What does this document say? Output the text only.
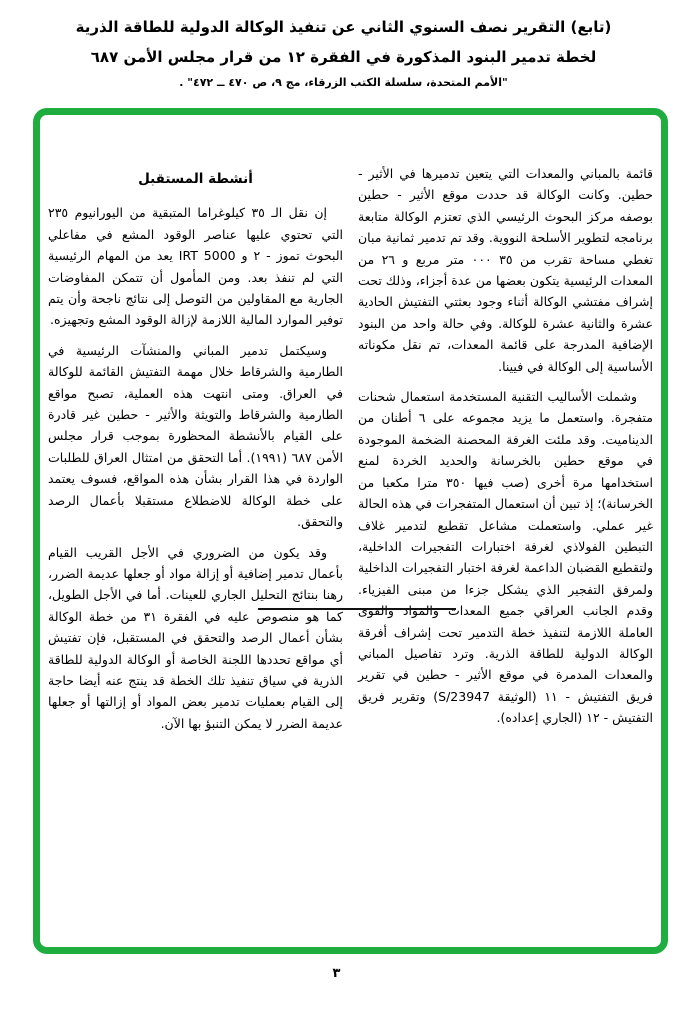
(تابع) التقرير نصف السنوي الثاني عن تنفيذ الوكالة الدولية للطاقة الذرية
لخطة تدمير البنود المذكورة في الفقرة ١٢ من قرار مجلس الأمن ٦٨٧
"الأمم المتحدة، سلسلة الكتب الزرقاء، مج ٩، ص ٤٧٠ ــ ٤٧٢" .

قائمة بالمباني والمعدات التي يتعين تدميرها في الأثير - حطين. وكانت الوكالة قد حددت موقع الأثير - حطين بوصفه مركز البحوث الرئيسي الذي تعتزم الوكالة متابعة برنامجه لتطوير الأسلحة النووية. وقد تم تدمير ثمانية مبان تغطي مساحة تقرب من ٣٥ ٠٠٠ متر مربع و ٢٦ من المعدات الرئيسية يتكون بعضها من عدة أجزاء، وذلك تحت إشراف مفتشي الوكالة أثناء وجود بعثتي التفتيش الحادية عشرة والثانية عشرة للوكالة. وفي حالة واحد من البنود الإضافية المدرجة على قائمة المعدات، تم نقل مكوناته الأساسية إلى الوكالة في فيينا.

وشملت الأساليب التقنية المستخدمة استعمال شحنات متفجرة. واستعمل ما يزيد مجموعه على ٦ أطنان من الديناميت. وقد ملئت الغرفة المحصنة الضخمة الموجودة في موقع حطين بالخرسانة والحديد الخردة لمنع استخدامها مرة أخرى (صب فيها ٣٥٠ مترا مكعبا من الخرسانة)؛ إذ تبين أن استعمال المتفجرات في هذه الحالة غير عملي. واستعملت مشاعل تقطيع لتدمير غلاف التبطين الفولاذي لغرفة اختبارات التفجيرات الداخلية، ولتقطيع القضبان الداعمة لغرفة اختبار التفجيرات الداخلية ولمرفق التفجير الذي يشكل جزءا من مبنى الفيزياء. وقدم الجانب العراقي جميع المعدات والمواد والقوى العاملة اللازمة لتنفيذ خطة التدمير تحت إشراف أفرقة الوكالة الدولية للطاقة الذرية. وترد تفاصيل المباني والمعدات المدمرة في موقع الأثير - حطين في تقرير فريق التفتيش - ١١ (الوثيقة S/23947) وتقرير فريق التفتيش - ١٢ (الجاري إعداده).

أنشطة المستقبل

إن نقل الـ ٣٥ كيلوغراما المتبقية من اليورانيوم ٢٣٥ التي تحتوي عليها عناصر الوقود المشع في مفاعلي البحوث تموز - ٢ و IRT 5000 يعد من المهام الرئيسية التي لم تنفذ بعد. ومن المأمول أن تتمكن المفاوضات الجارية مع المقاولين من التوصل إلى نتائج ناجحة وأن يتم توفير الموارد المالية اللازمة لإزالة الوقود المشع وتجهيزه.

وسيكتمل تدمير المباني والمنشآت الرئيسية في الطارمية والشرقاط خلال مهمة التفتيش القائمة للوكالة في العراق. ومتى انتهت هذه العملية، تصبح مواقع الطارمية والشرقاط والتويثة والأثير - حطين غير قادرة على القيام بالأنشطة المحظورة بموجب قرار مجلس الأمن ٦٨٧ (١٩٩١). أما التحقق من امتثال العراق للطلبات الواردة في هذا القرار بشأن هذه المواقع، فسوف يعتمد على خطة الوكالة للاضطلاع مستقبلا بأعمال الرصد والتحقق.

وقد يكون من الضروري في الأجل القريب القيام بأعمال تدمير إضافية أو إزالة مواد أو جعلها عديمة الضرر، رهنا بنتائج التحليل الجاري للعينات. أما في الأجل الطويل، كما هو منصوص عليه في الفقرة ٣١ من خطة الوكالة بشأن أعمال الرصد والتحقق في المستقبل، فإن تفتيش أي مواقع تحددها اللجنة الخاصة أو الوكالة الدولية للطاقة الذرية في سياق تنفيذ تلك الخطة قد ينتج عنه أيضا حاجة إلى القيام بعمليات تدمير بعض المواد أو إزالتها أو جعلها عديمة الضرر لا يمكن التنبؤ بها الآن.

٣
